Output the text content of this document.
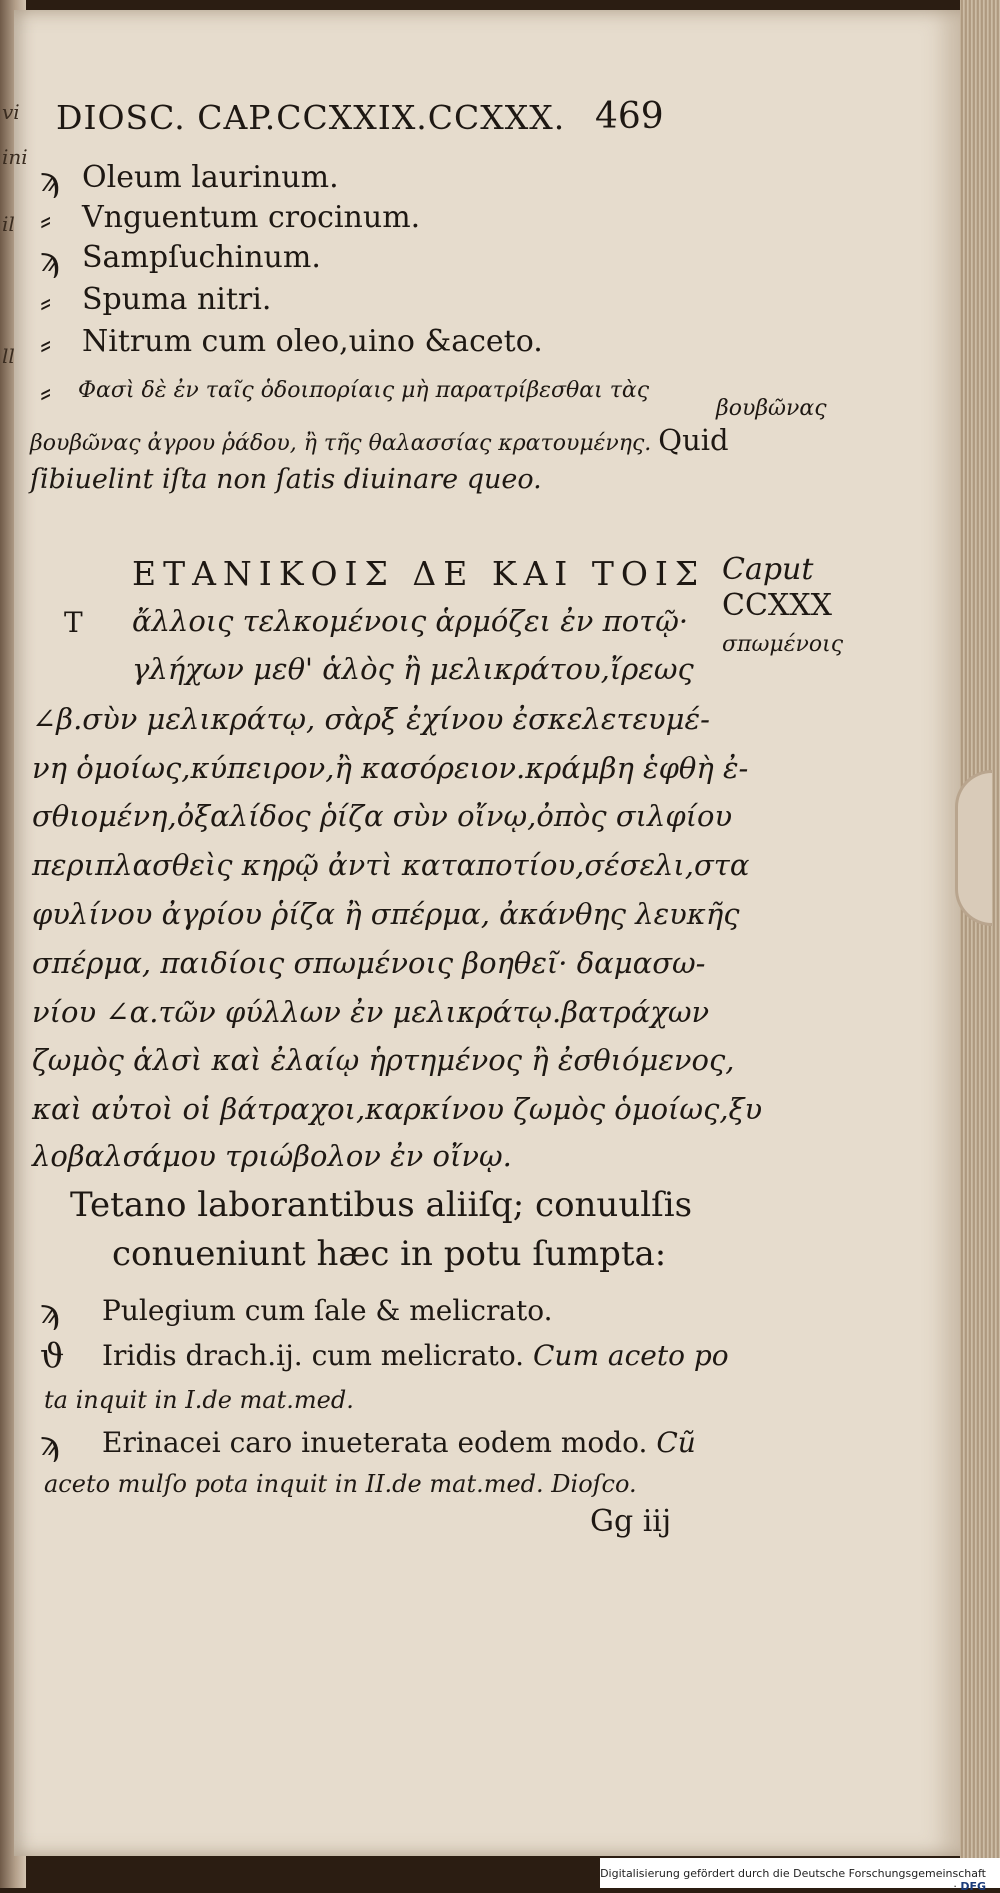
vi
ini
il
ll
DIOSC. CAP.CCXXIX.CCXXX. 469
ϡ Oleum laurinum.
⸗ Vnguentum crocinum.
ϡ Sampſuchinum.
⸗ Spuma nitri.
⸗ Nitrum cum oleo,uino &aceto.
⸗ Φασὶ δὲ ἐν ταῖς ὁδοιπορίαις μὴ παρατρίβεσθαι τὰς
βουβῶνας
βουβῶνας ἀγρου ῥάδου, ἢ τῆς θαλασσίας κρατουμένης. Quid
ſibiuelint iſta non ſatis diuinare queo.
Caput
CCXXX
σπωμένοις
T
ΕΤΑΝΙΚΟΙΣ ΔΕ ΚΑΙ ΤΟΙΣ
ἄλλοις τελκομένοις ἁρμόζει ἐν ποτῷ·
γλήχων μεθ' ἁλὸς ἢ μελικράτου,ἴρεως
∠β.σὺν μελικράτῳ, σὰρξ ἐχίνου ἐσκελετευμέ-
νη ὁμοίως,κύπειρον,ἢ κασόρειον.κράμβη ἑφθὴ ἐ-
σθιομένη,ὀξαλίδος ῥίζα σὺν οἴνῳ,ὀπὸς σιλφίου
περιπλασθεὶς κηρῷ ἀντὶ καταποτίου,σέσελι,στα
φυλίνου ἀγρίου ῥίζα ἢ σπέρμα, ἀκάνθης λευκῆς
σπέρμα, παιδίοις σπωμένοις βοηθεῖ· δαμασω-
νίου ∠α.τῶν φύλλων ἐν μελικράτῳ.βατράχων
ζωμὸς ἁλσὶ καὶ ἐλαίῳ ἡρτημένος ἢ ἐσθιόμενος,
καὶ αὐτοὶ οἱ βάτραχοι,καρκίνου ζωμὸς ὁμοίως,ξυ
λοβαλσάμου τριώβολον ἐν οἴνῳ.
Tetano laborantibus aliiſq; conuulſis
conueniunt hæc in potu ſumpta:
ϡ Pulegium cum ſale & melicrato.
ϑ Iridis drach.ij. cum melicrato. Cum aceto po
ta inquit in I.de mat.med.
ϡ Erinacei caro inueterata eodem modo. Cũ
aceto mulſo pota inquit in II.de mat.med. Dioſco.
Gg iij
Digitalisierung gefördert durch die Deutsche Forschungsgemeinschaft · DFG
